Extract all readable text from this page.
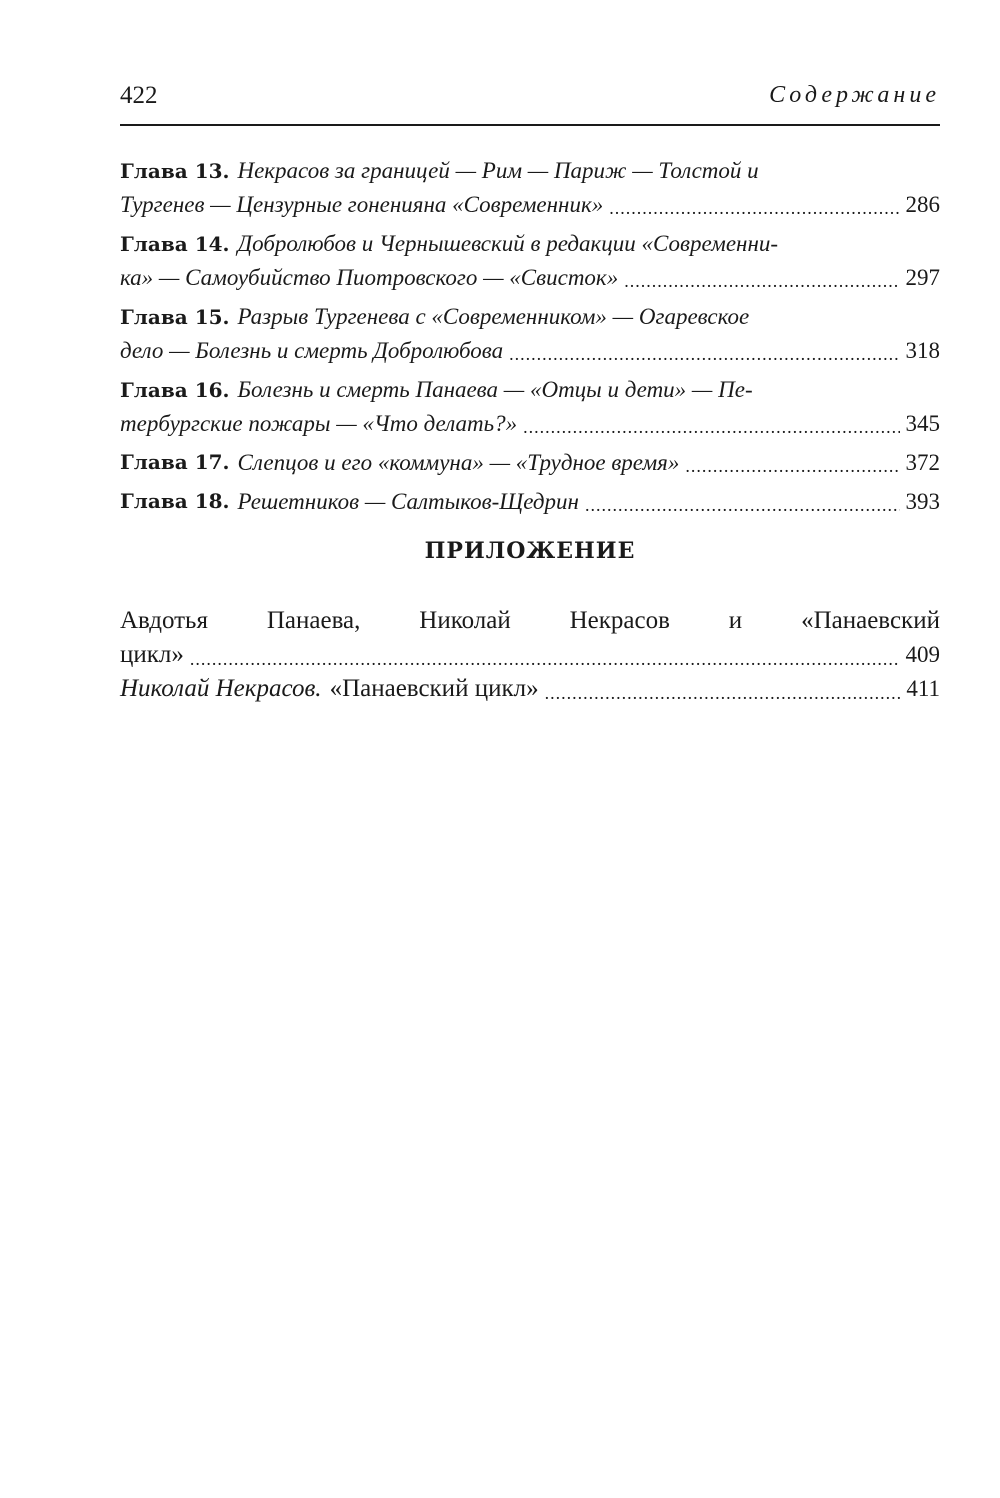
422	Содержание
Глава 13. Некрасов за границей — Рим — Париж — Толстой и
Тургенев — Цензурные гоненияна «Современник» .....	286
Глава 14. Добролюбов и Чернышевский в редакции «Современни-
ка» — Самоубийство Пиотровского — «Свисток» .....	297
Глава 15. Разрыв Тургенева с «Современником» — Огаревское
дело — Болезнь и смерть Добролюбова .....	318
Глава 16. Болезнь и смерть Панаева — «Отцы и дети» — Пе-
тербургские пожары — «Что делать?» .....	345
Глава 17. Слепцов и его «коммуна» — «Трудное время» .....	372
Глава 18. Решетников — Салтыков-Щедрин .....	393
ПРИЛОЖЕНИЕ
Авдотья Панаева, Николай Некрасов и «Панаевский
цикл» .....	409
Николай Некрасов. «Панаевский цикл» .....	411
